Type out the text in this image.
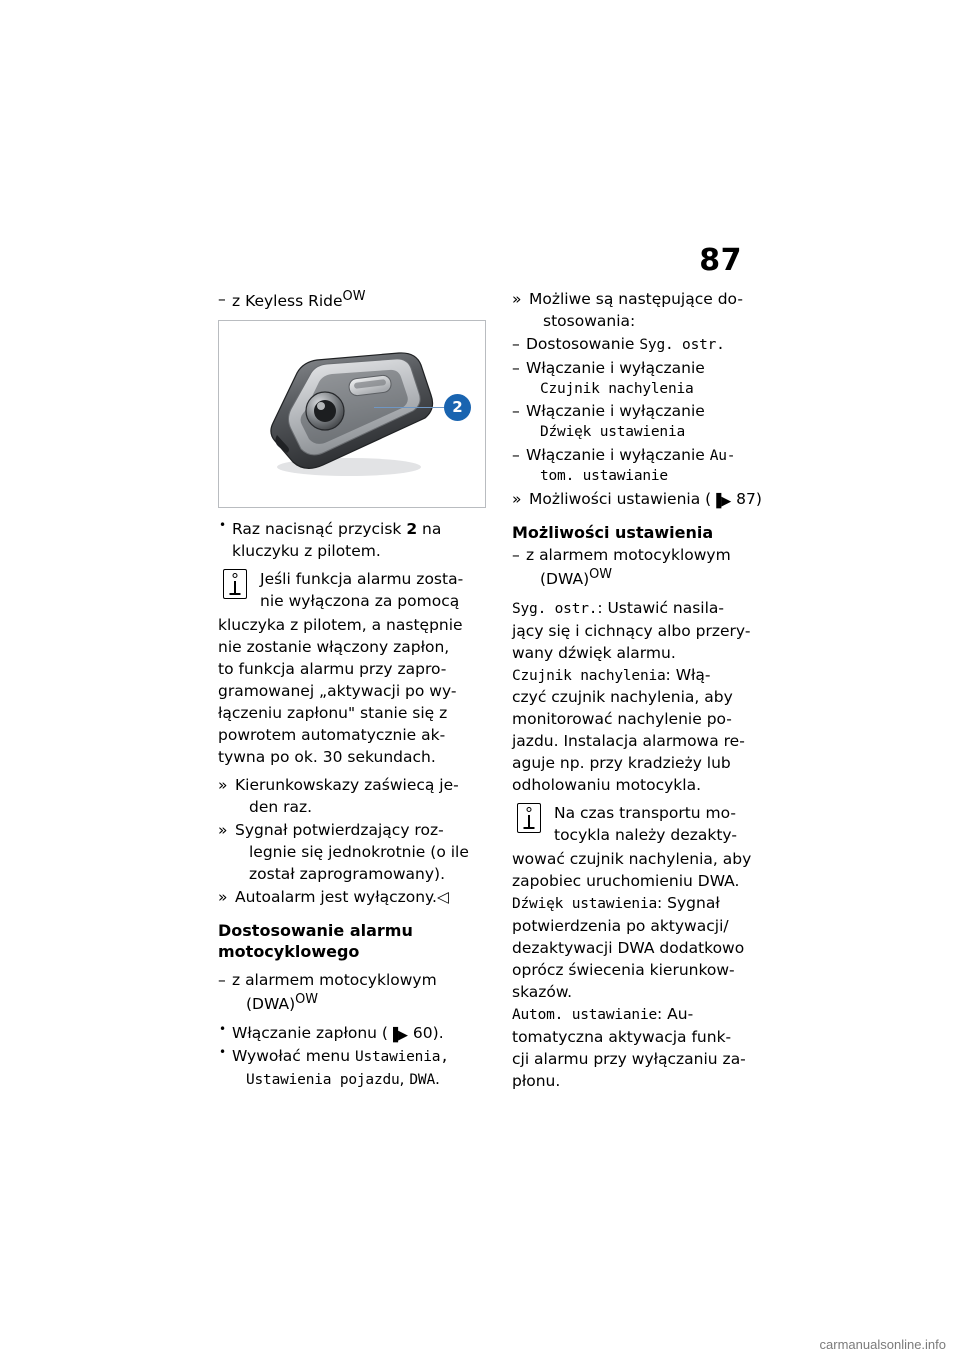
87
– z Keyless Ride$^{OW}$
2
• Raz nacisnąć przycisk 2 na
kluczyku z pilotem.
Jeśli funkcja alarmu zosta-
nie wyłączona za pomocą
kluczyka z pilotem, a następnie
nie zostanie włączony zapłon,
to funkcja alarmu przy zapro-
gramowanej „aktywacji po wy-
łączeniu zapłonu" stanie się z
powrotem automatycznie ak-
tywna po ok. 30 sekundach.
» Kierunkowskazy zaświecą je-
den raz.
» Sygnał potwierdzający roz-
legnie się jednokrotnie (o ile
został zaprogramowany).
» Autoalarm jest wyłączony.◁
Dostosowanie alarmu
motocyklowego
– z alarmem motocyklowym
(DWA)$^{OW}$
• Włączanie zapłonu (▐▶ 60).
• Wywołać menu Ustawienia,
Ustawienia pojazdu, DWA.
» Możliwe są następujące do-
stosowania:
– Dostosowanie Syg. ostr.
– Włączanie i wyłączanie
Czujnik nachylenia
– Włączanie i wyłączanie
Dźwięk ustawienia
– Włączanie i wyłączanie Au-
tom. ustawianie
» Możliwości ustawienia (▐▶ 87)
Możliwości ustawienia
– z alarmem motocyklowym
(DWA)$^{OW}$
Syg. ostr.: Ustawić nasila-
jący się i cichnący albo przery-
wany dźwięk alarmu.
Czujnik nachylenia: Włą-
czyć czujnik nachylenia, aby
monitorować nachylenie po-
jazdu. Instalacja alarmowa re-
aguje np. przy kradzieży lub
odholowaniu motocykla.
Na czas transportu mo-
tocykla należy dezakty-
wować czujnik nachylenia, aby
zapobiec uruchomieniu DWA.
Dźwięk ustawienia: Sygnał
potwierdzenia po aktywacji/
dezaktywacji DWA dodatkowo
oprócz świecenia kierunkow-
skazów.
Autom. ustawianie: Au-
tomatyczna aktywacja funk-
cji alarmu przy wyłączaniu za-
płonu.
carmanualsonline.info
